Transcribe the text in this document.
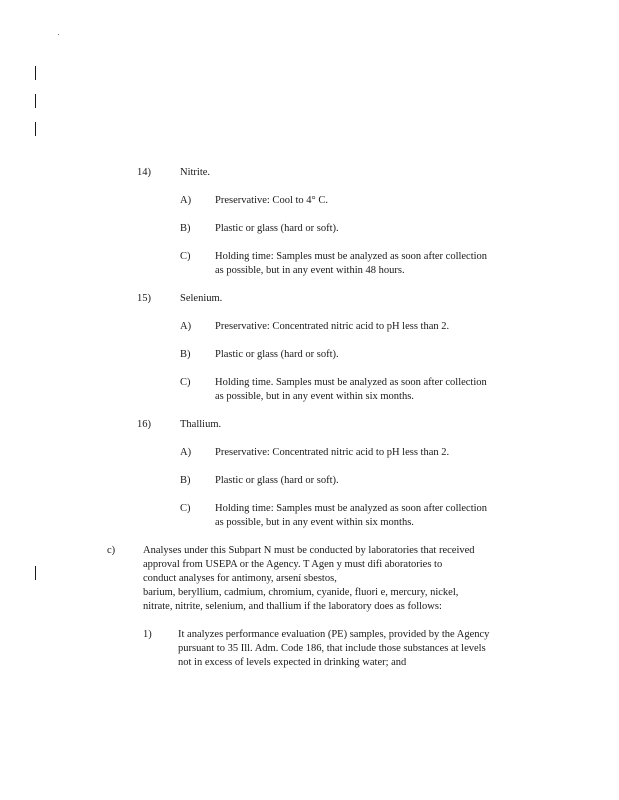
14)	Nitrite.
A) Preservative: Cool to 4° C.
B) Plastic or glass (hard or soft).
C) Holding time: Samples must be analyzed as soon after collection
as possible, but in any event within 48 hours.
15)	Selenium.
A) Preservative: Concentrated nitric acid to pH less than 2.
B) Plastic or glass (hard or soft).
C) Holding time. Samples must be analyzed as soon after collection
as possible, but in any event within six months.
16)	Thallium.
A) Preservative: Concentrated nitric acid to pH less than 2.
B) Plastic or glass (hard or soft).
C) Holding time: Samples must be analyzed as soon after collection
as possible, but in any event within six months.
c)	Analyses under this Subpart N must be conducted by laboratories that received
approval from USEPA or the Agency. T Agen y must difi aboratories to
conduct analyses for antimony, arsení sbestos,
barium, beryllium, cadmium, chromium, cyanide, fluori e, mercury, nickel,
nitrate, nitrite, selenium, and thallium if the laboratory does as follows:
1)	It analyzes performance evaluation (PE) samples, provided by the Agency
pursuant to 35 Ill. Adm. Code 186, that include those substances at levels
not in excess of levels expected in drinking water; and
